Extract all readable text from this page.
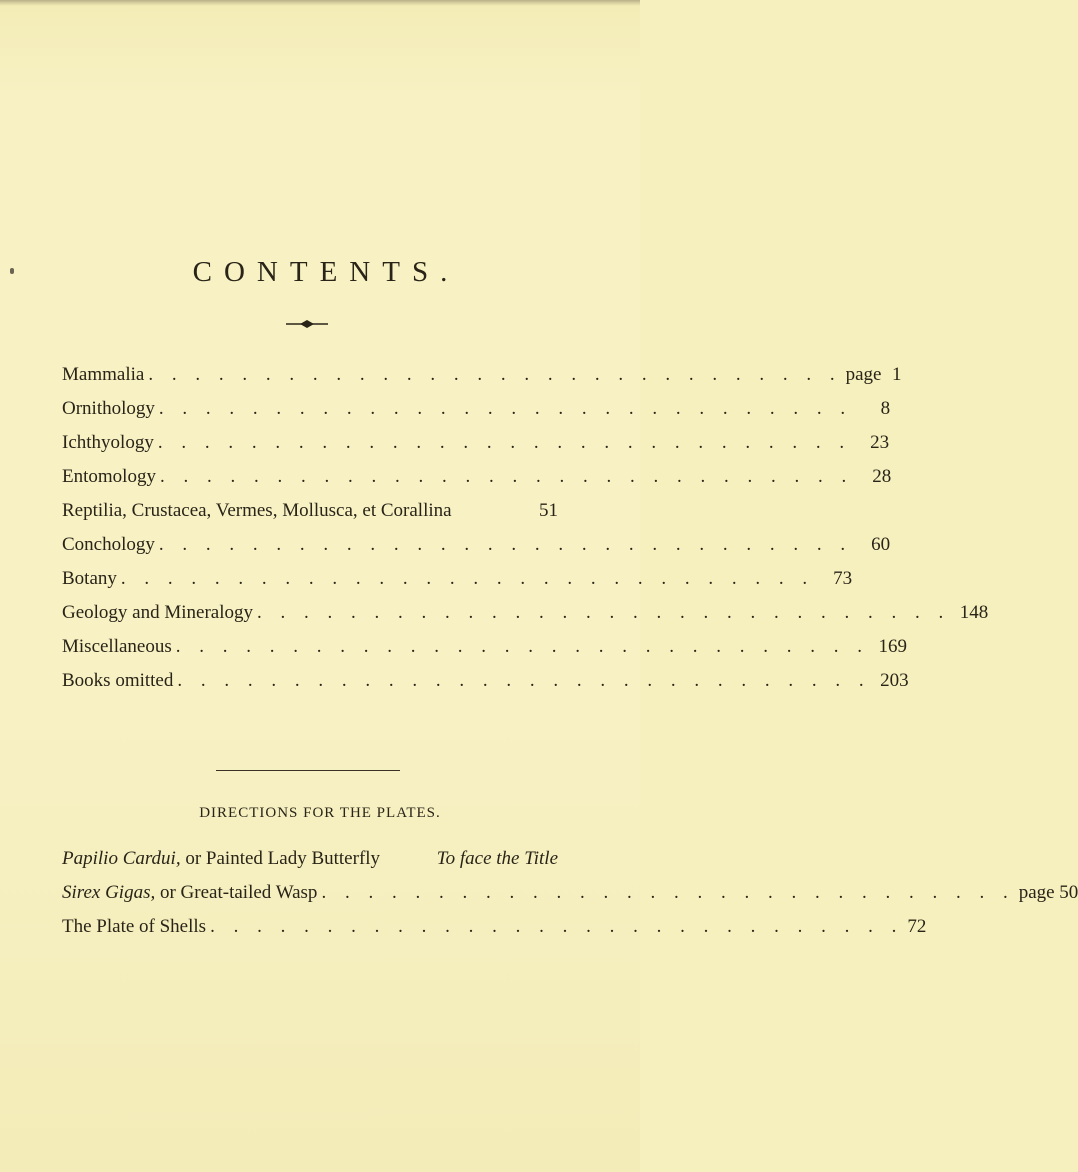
CONTENTS.
Mammalia . . . . . . . . . . . . . . . . . . . . . . . . . . . . . . page 1
Ornithology . . . . . . . . . . . . . . . . . . . . . . . . . . . . . .	8
Ichthyology . . . . . . . . . . . . . . . . . . . . . . . . . . . . . .	23
Entomology . . . . . . . . . . . . . . . . . . . . . . . . . . . . . .	28
Reptilia, Crustacea, Vermes, Mollusca, et Corallina	51
Conchology . . . . . . . . . . . . . . . . . . . . . . . . . . . . . .	60
Botany . . . . . . . . . . . . . . . . . . . . . . . . . . . . . .	73
Geology and Mineralogy . . . . . . . . . . . . . . . . . . . . . . . . . . . . . . 148
Miscellaneous . . . . . . . . . . . . . . . . . . . . . . . . . . . . . . 169
Books omitted . . . . . . . . . . . . . . . . . . . . . . . . . . . . . . 203
DIRECTIONS FOR THE PLATES.
Papilio Cardui, or Painted Lady Butterfly	To face the Title
Sirex Gigas, or Great-tailed Wasp . . . . . . . . . . . . . . . . . . . . . . . . . . . . . . page 50
The Plate of Shells . . . . . . . . . . . . . . . . . . . . . . . . . . . . . . 72
